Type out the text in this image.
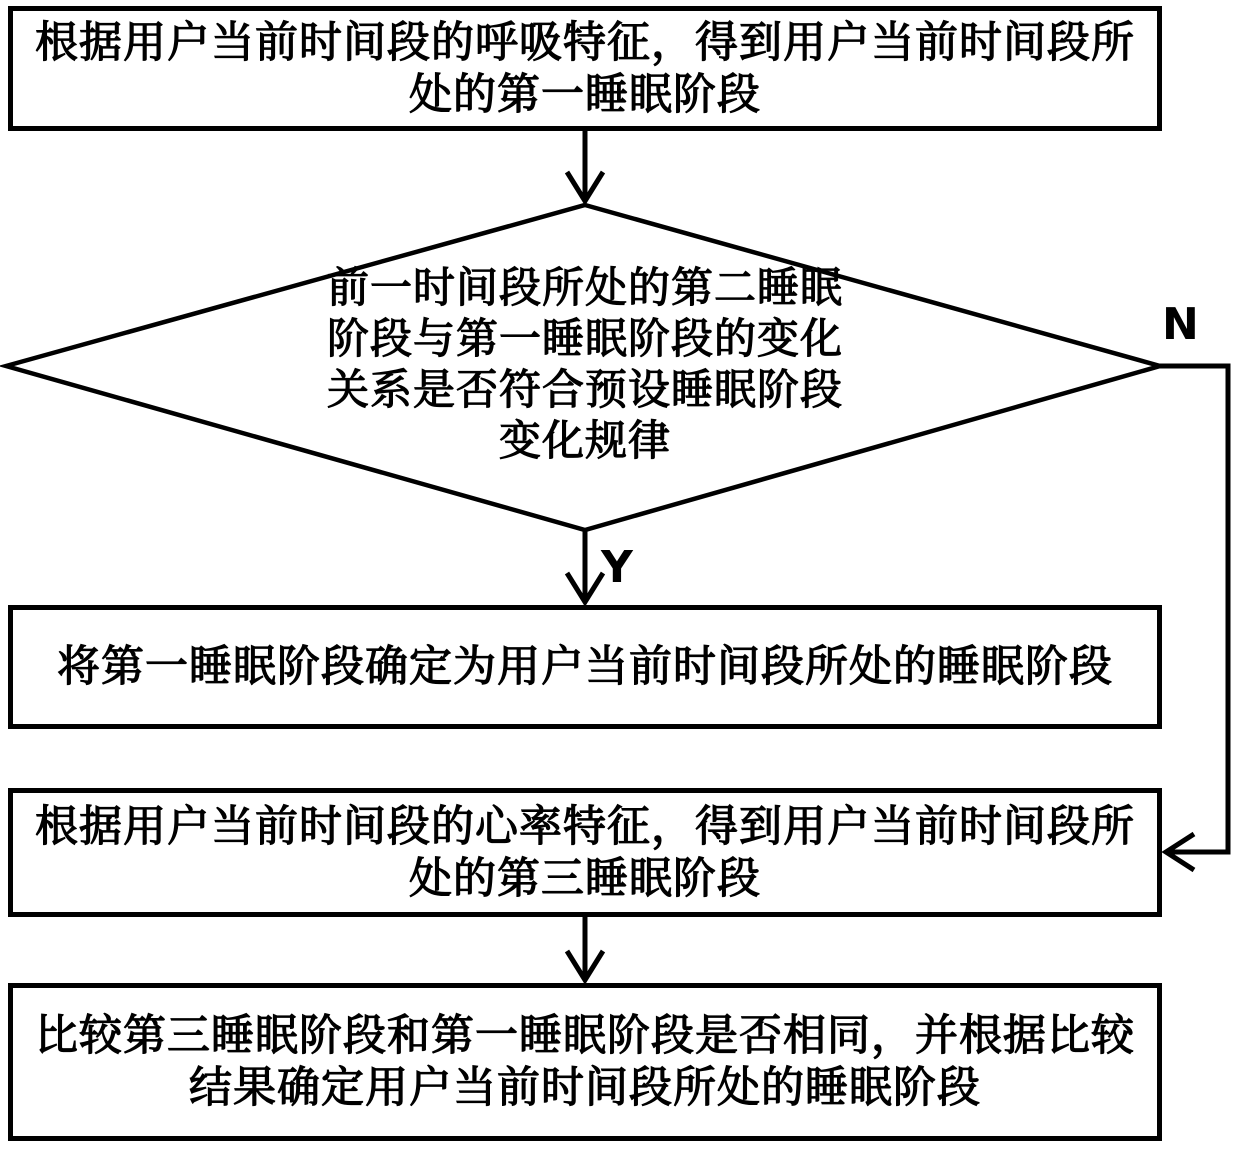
根据用户当前时间段的呼吸特征，得到用户当前时间段所
处的第一睡眠阶段
前一时间段所处的第二睡眠
阶段与第一睡眠阶段的变化
关系是否符合预设睡眠阶段
变化规律
N
Y
将第一睡眠阶段确定为用户当前时间段所处的睡眠阶段
根据用户当前时间段的心率特征，得到用户当前时间段所
处的第三睡眠阶段
比较第三睡眠阶段和第一睡眠阶段是否相同，并根据比较
结果确定用户当前时间段所处的睡眠阶段
